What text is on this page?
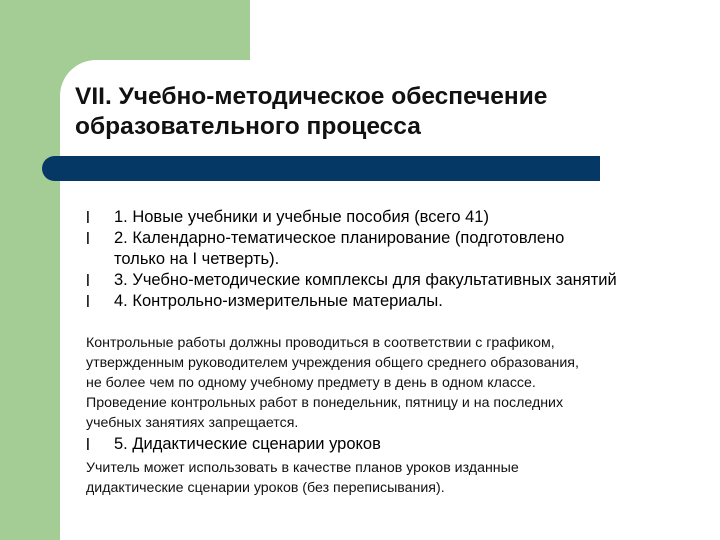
VII. Учебно-методическое обеспечение
образовательного процесса
l 1. Новые учебники и учебные пособия (всего 41)
l 2. Календарно-тематическое планирование (подготовлено
только на I четверть).
l 3. Учебно-методические комплексы для факультативных занятий
l 4. Контрольно-измерительные материалы.
Контрольные работы должны проводиться в соответствии с графиком,
утвержденным руководителем учреждения общего среднего образования,
не более чем по одному учебному предмету в день в одном классе.
Проведение контрольных работ в понедельник, пятницу и на последних
учебных занятиях запрещается.
l 5. Дидактические сценарии уроков
Учитель может использовать в качестве планов уроков изданные
дидактические сценарии уроков (без переписывания).
